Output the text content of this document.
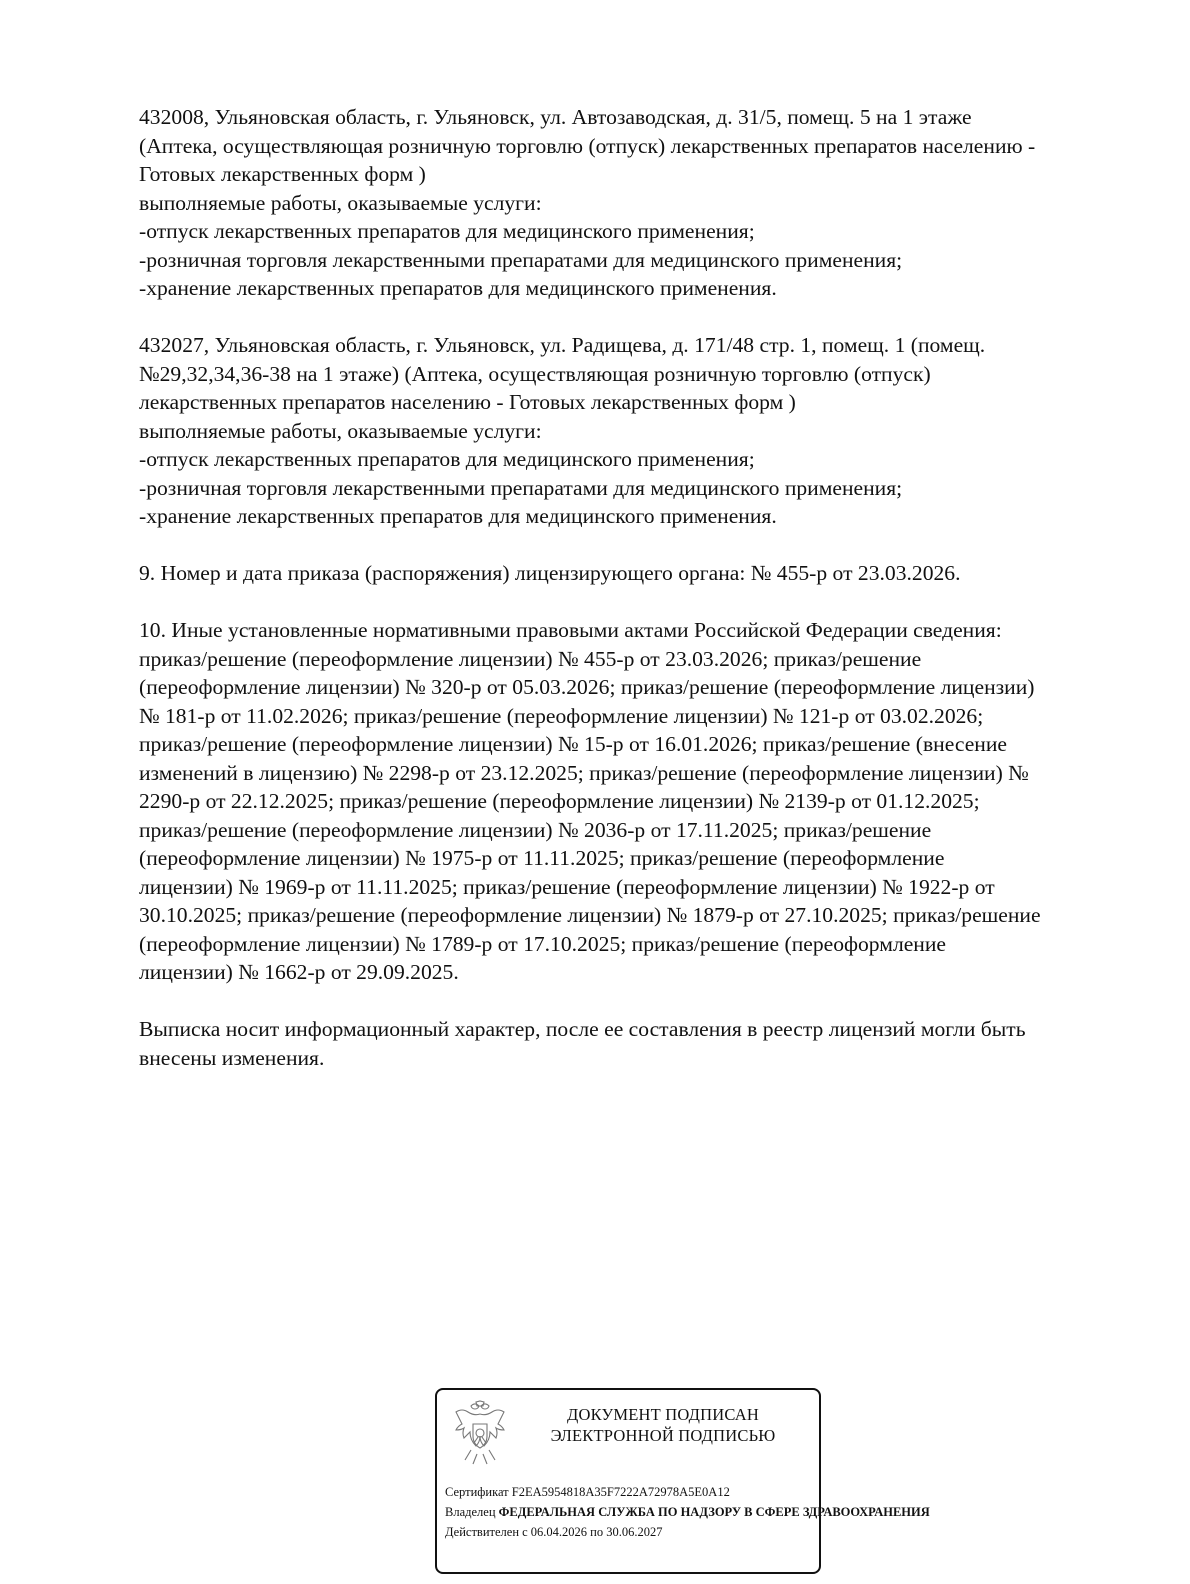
432008, Ульяновская область, г. Ульяновск, ул. Автозаводская, д. 31/5, помещ. 5 на 1 этаже
(Аптека, осуществляющая розничную торговлю (отпуск) лекарственных препаратов населению -
Готовых лекарственных форм )
выполняемые работы, оказываемые услуги:
-отпуск лекарственных препаратов для медицинского применения;
-розничная торговля лекарственными препаратами для медицинского применения;
-хранение лекарственных препаратов для медицинского применения.

432027, Ульяновская область, г. Ульяновск, ул. Радищева, д. 171/48 стр. 1, помещ. 1 (помещ.
№29,32,34,36-38 на 1 этаже) (Аптека, осуществляющая розничную торговлю (отпуск)
лекарственных препаратов населению - Готовых лекарственных форм )
выполняемые работы, оказываемые услуги:
-отпуск лекарственных препаратов для медицинского применения;
-розничная торговля лекарственными препаратами для медицинского применения;
-хранение лекарственных препаратов для медицинского применения.

9. Номер и дата приказа (распоряжения) лицензирующего органа: № 455-р от 23.03.2026.

10. Иные установленные нормативными правовыми актами Российской Федерации сведения:
приказ/решение (переоформление лицензии) № 455-р от 23.03.2026; приказ/решение
(переоформление лицензии) № 320-р от 05.03.2026; приказ/решение (переоформление лицензии)
№ 181-р от 11.02.2026; приказ/решение (переоформление лицензии) № 121-р от 03.02.2026;
приказ/решение (переоформление лицензии) № 15-р от 16.01.2026; приказ/решение (внесение
изменений в лицензию) № 2298-р от 23.12.2025; приказ/решение (переоформление лицензии) №
2290-р от 22.12.2025; приказ/решение (переоформление лицензии) № 2139-р от 01.12.2025;
приказ/решение (переоформление лицензии) № 2036-р от 17.11.2025; приказ/решение
(переоформление лицензии) № 1975-р от 11.11.2025; приказ/решение (переоформление
лицензии) № 1969-р от 11.11.2025; приказ/решение (переоформление лицензии) № 1922-р от
30.10.2025; приказ/решение (переоформление лицензии) № 1879-р от 27.10.2025; приказ/решение
(переоформление лицензии) № 1789-р от 17.10.2025; приказ/решение (переоформление
лицензии) № 1662-р от 29.09.2025.

Выписка носит информационный характер, после ее составления в реестр лицензий могли быть
внесены изменения.

ДОКУМЕНТ ПОДПИСАН
ЭЛЕКТРОННОЙ ПОДПИСЬЮ
Сертификат F2EA5954818A35F7222A72978A5E0A12
Владелец ФЕДЕРАЛЬНАЯ СЛУЖБА ПО НАДЗОРУ В СФЕРЕ ЗДРАВООХРАНЕНИЯ
Действителен с 06.04.2026 по 30.06.2027
